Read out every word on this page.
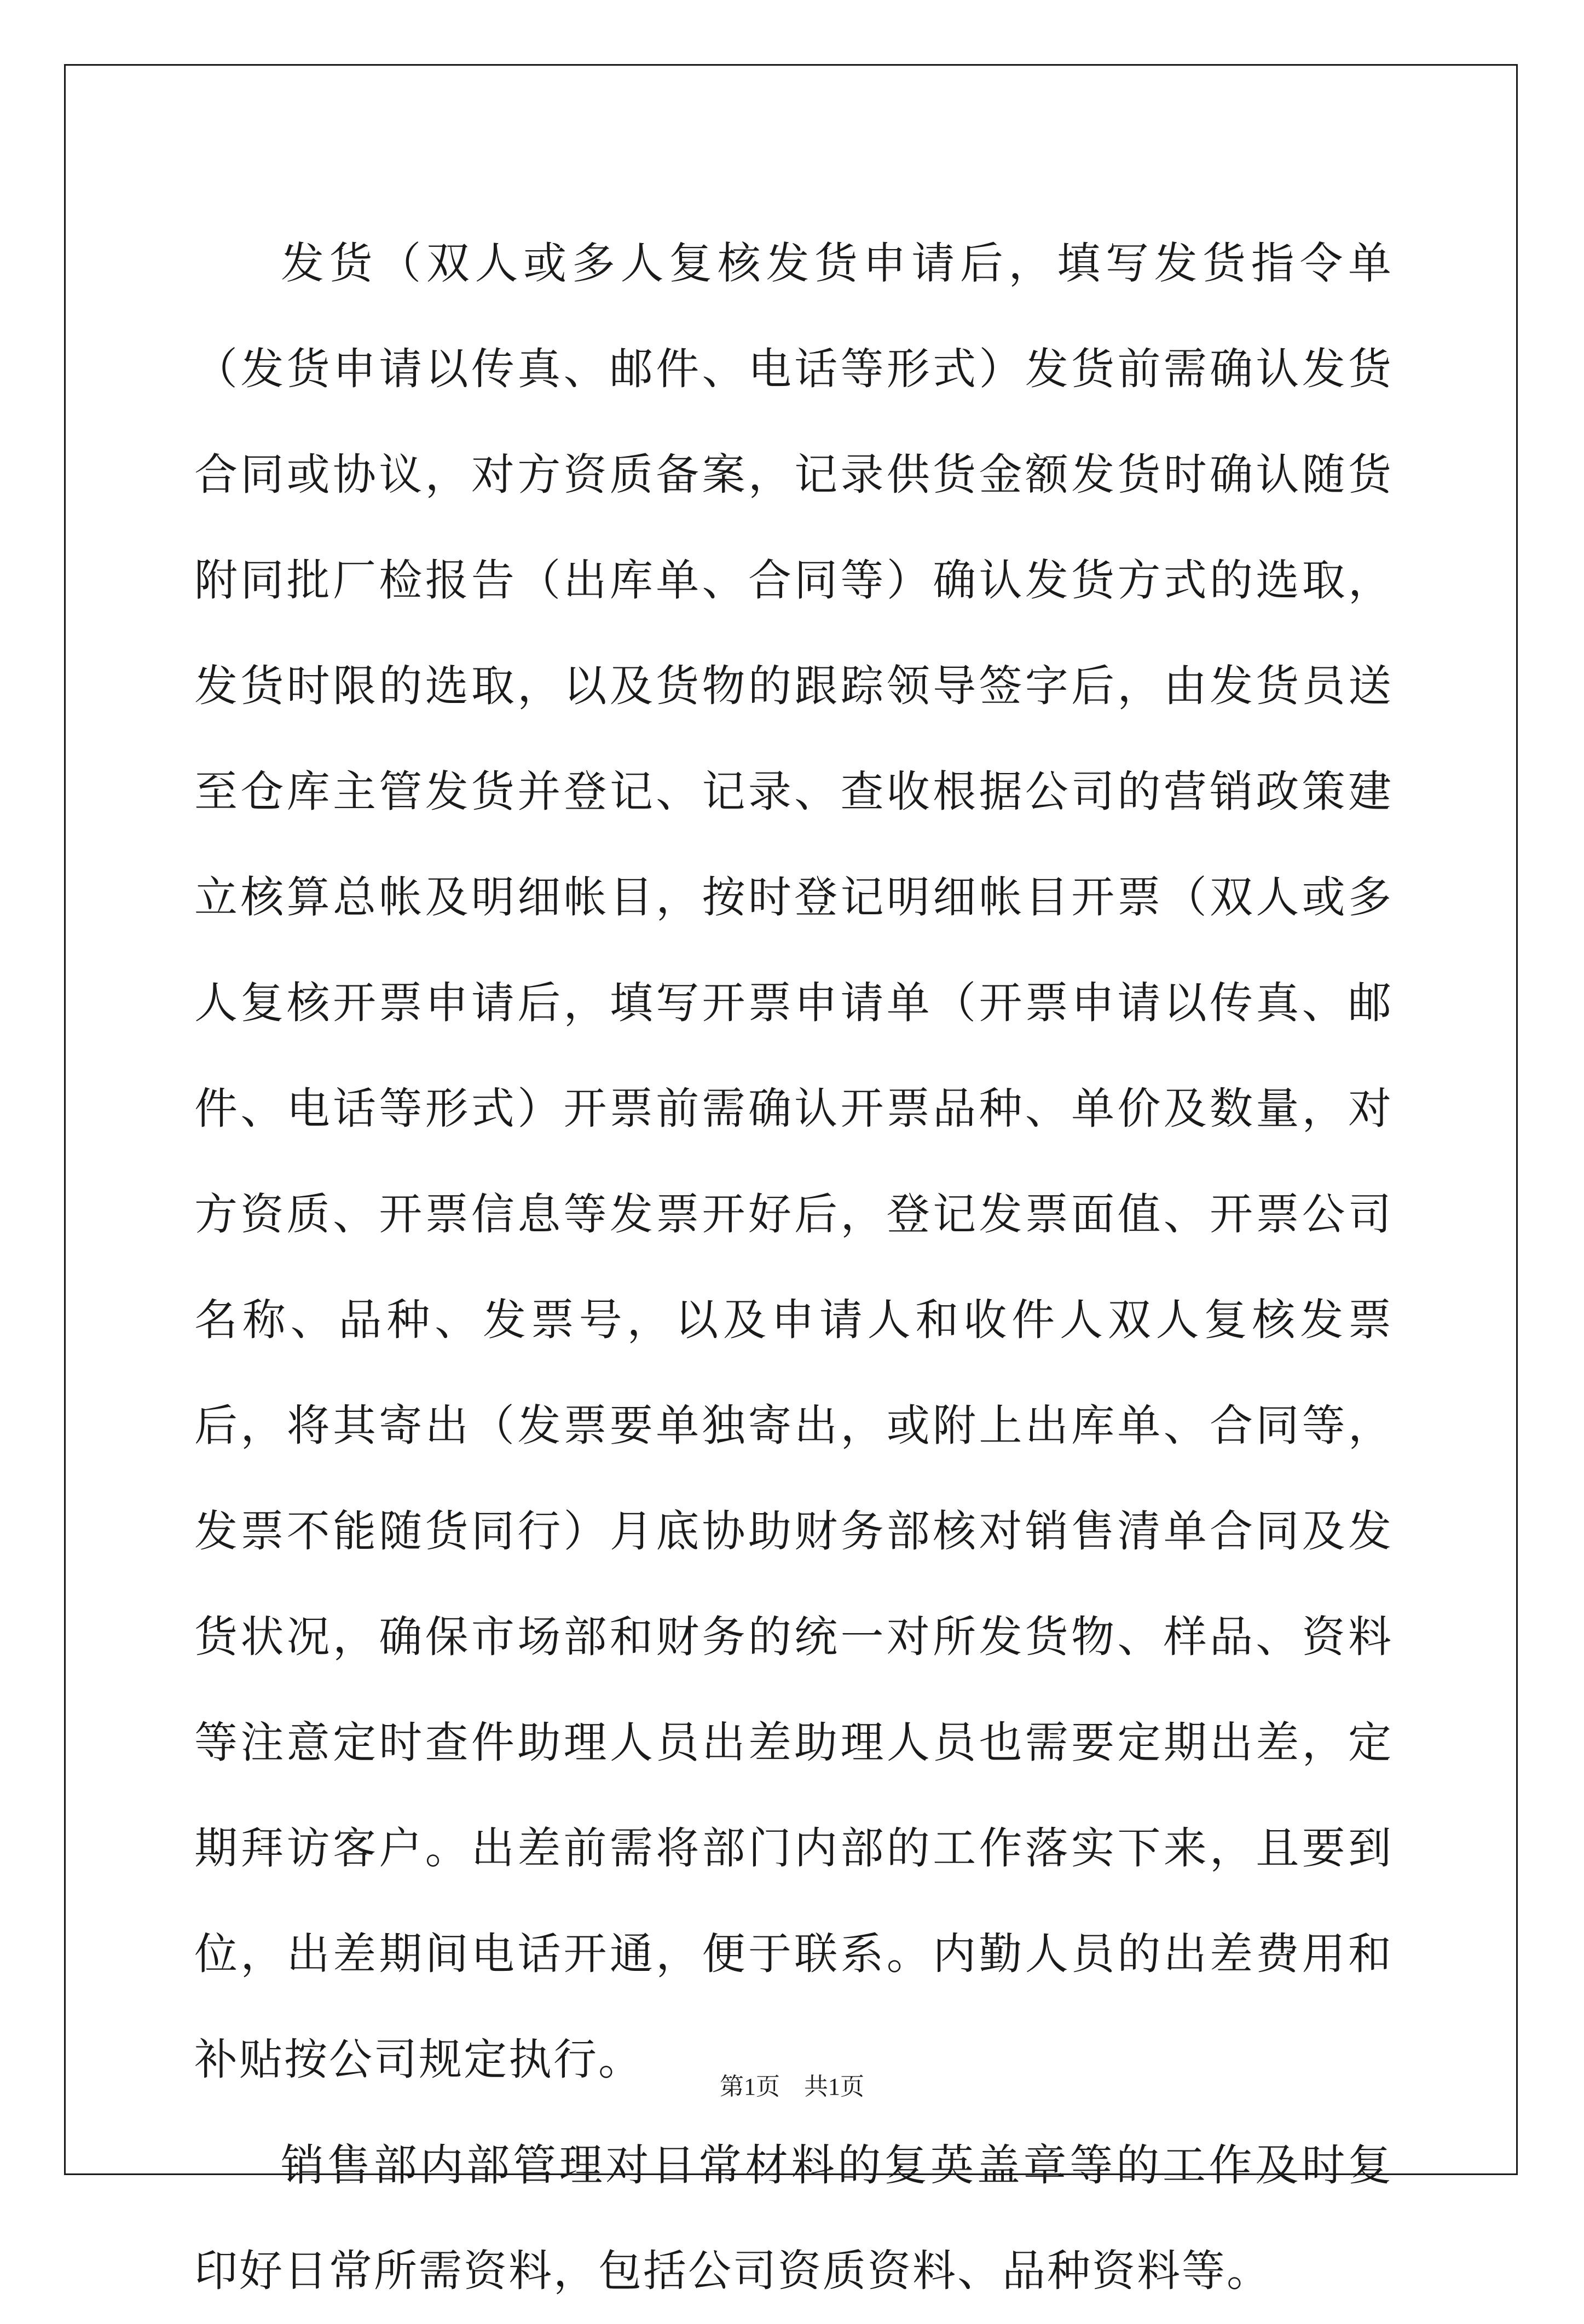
发货（双人或多人复核发货申请后，填写发货指令单（发货申请以传真、邮件、电话等形式）发货前需确认发货合同或协议，对方资质备案，记录供货金额发货时确认随货附同批厂检报告（出库单、合同等）确认发货方式的选取，发货时限的选取，以及货物的跟踪领导签字后，由发货员送至仓库主管发货并登记、记录、查收根据公司的营销政策建立核算总帐及明细帐目，按时登记明细帐目开票（双人或多人复核开票申请后，填写开票申请单（开票申请以传真、邮件、电话等形式）开票前需确认开票品种、单价及数量，对方资质、开票信息等发票开好后，登记发票面值、开票公司名称、品种、发票号，以及申请人和收件人双人复核发票后，将其寄出（发票要单独寄出，或附上出库单、合同等，发票不能随货同行）月底协助财务部核对销售清单合同及发货状况，确保市场部和财务的统一对所发货物、样品、资料等注意定时查件助理人员出差助理人员也需要定期出差，定期拜访客户。出差前需将部门内部的工作落实下来，且要到位，出差期间电话开通，便于联系。内勤人员的出差费用和补贴按公司规定执行。

销售部内部管理对日常材料的复英盖章等的工作及时复印好日常所需资料，包括公司资质资料、品种资料等。

第1页 共1页
